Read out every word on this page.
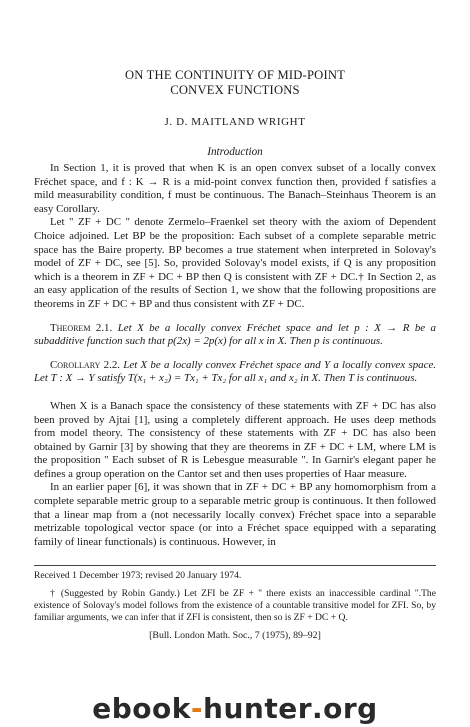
ON THE CONTINUITY OF MID-POINT
CONVEX FUNCTIONS
J. D. MAITLAND WRIGHT
Introduction

In Section 1, it is proved that when K is an open convex subset of a locally convex Fréchet space, and f : K → R is a mid-point convex function then, provided f satisfies a mild measurability condition, f must be continuous. The Banach–Steinhaus Theorem is an easy Corollary.

Let " ZF + DC " denote Zermelo–Fraenkel set theory with the axiom of Dependent Choice adjoined. Let BP be the proposition: Each subset of a complete separable metric space has the Baire property. BP becomes a true statement when interpreted in Solovay's model of ZF + DC, see [5]. So, provided Solovay's model exists, if Q is any proposition which is a theorem in ZF + DC + BP then Q is consistent with ZF + DC.† In Section 2, as an easy application of the results of Section 1, we show that the following propositions are theorems in ZF + DC + BP and thus consistent with ZF + DC.

Theorem 2.1. Let X be a locally convex Fréchet space and let p : X → R be a subadditive function such that p(2x) = 2p(x) for all x in X. Then p is continuous.

Corollary 2.2. Let X be a locally convex Fréchet space and Y a locally convex space. Let T : X → Y satisfy T(x₁ + x₂) = Tx₁ + Tx₂ for all x₁ and x₂ in X. Then T is continuous.

When X is a Banach space the consistency of these statements with ZF + DC has also been proved by Ajtai [1], using a completely different approach. He uses deep methods from model theory. The consistency of these statements with ZF + DC has also been obtained by Garnir [3] by showing that they are theorems in ZF + DC + LM, where LM is the proposition " Each subset of R is Lebesgue measurable ". In Garnir's elegant paper he defines a group operation on the Cantor set and then uses properties of Haar measure.

In an earlier paper [6], it was shown that in ZF + DC + BP any homomorphism from a complete separable metric group to a separable metric group is continuous. It then followed that a linear map from a (not necessarily locally convex) Fréchet space into a separable metrizable topological vector space (or into a Fréchet space equipped with a separating family of linear functionals) is continuous. However, in

Received 1 December 1973; revised 20 January 1974.

† (Suggested by Robin Gandy.) Let ZFI be ZF + " there exists an inaccessible cardinal ".The existence of Solovay's model follows from the existence of a countable transitive model for ZFI. So, by familiar arguments, we can infer that if ZFI is consistent, then so is ZF + DC + Q.

[Bull. London Math. Soc., 7 (1975), 89–92]
ebook - hunter .org
